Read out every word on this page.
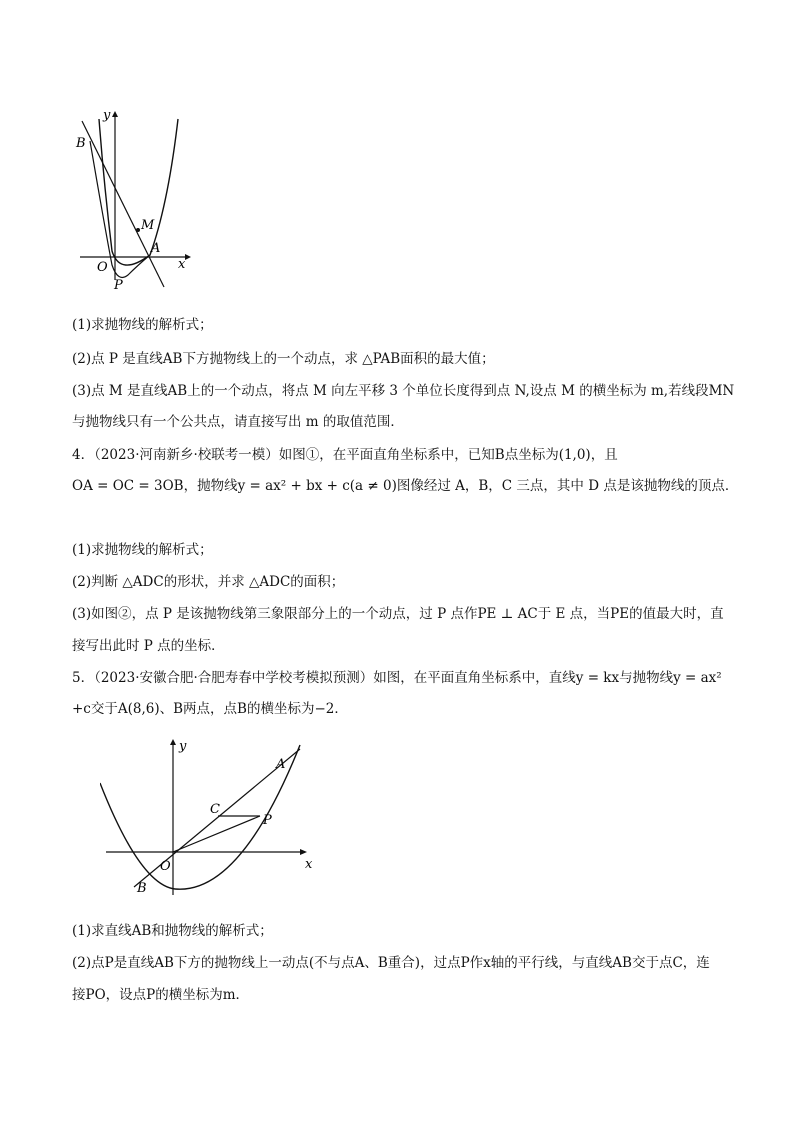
y
x
B
M
A
O
P
(1)求抛物线的解析式；
(2)点 P 是直线AB下方抛物线上的一个动点，求 △PAB面积的最大值；
(3)点 M 是直线AB上的一个动点，将点 M 向左平移 3 个单位长度得到点 N,设点 M 的横坐标为 m,若线段MN
与抛物线只有一个公共点，请直接写出 m 的取值范围．
4．（2023·河南新乡·校联考一模）如图①，在平面直角坐标系中，已知B点坐标为(1,0)，且
OA = OC = 3OB，抛物线y = ax² + bx + c(a ≠ 0)图像经过 A，B，C 三点，其中 D 点是该抛物线的顶点．
(1)求抛物线的解析式；
(2)判断 △ADC的形状，并求 △ADC的面积；
(3)如图②，点 P 是该抛物线第三象限部分上的一个动点，过 P 点作PE ⊥ AC于 E 点，当PE的值最大时，直
接写出此时 P 点的坐标．
5．（2023·安徽合肥·合肥寿春中学校考模拟预测）如图，在平面直角坐标系中，直线y = kx与抛物线y = ax²
+c交于A(8,6)、B两点，点B的横坐标为−2．
y
x
A
C
P
O
B
(1)求直线AB和抛物线的解析式；
(2)点P是直线AB下方的抛物线上一动点(不与点A、B重合)，过点P作x轴的平行线，与直线AB交于点C，连
接PO，设点P的横坐标为m．
